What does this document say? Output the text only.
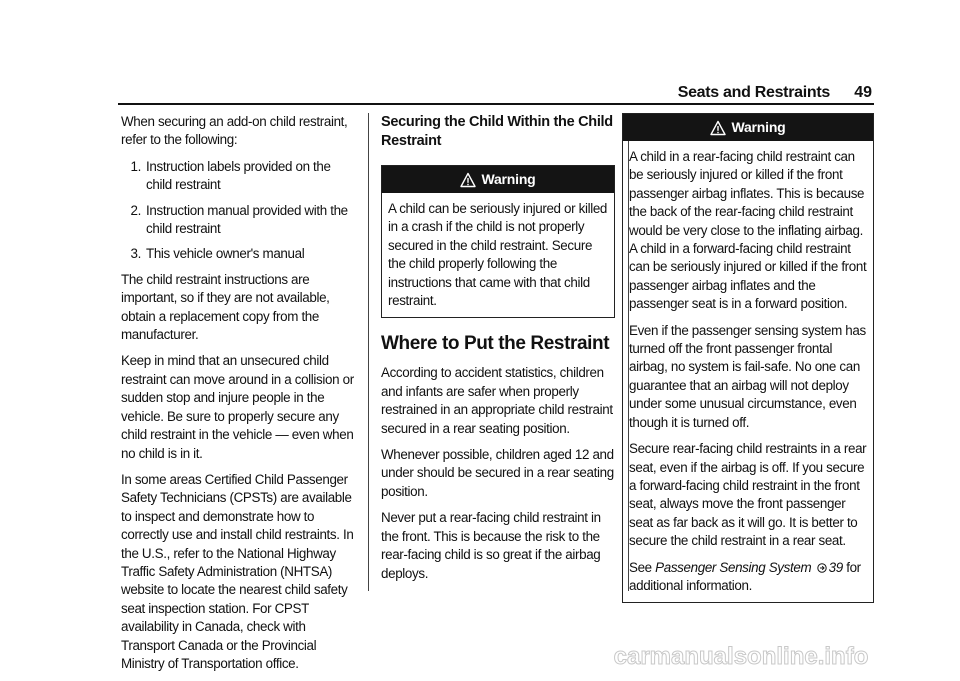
Seats and Restraints 49

When securing an add-on child restraint, refer to the following:

1. Instruction labels provided on the child restraint
2. Instruction manual provided with the child restraint
3. This vehicle owner's manual

The child restraint instructions are important, so if they are not available, obtain a replacement copy from the manufacturer.

Keep in mind that an unsecured child restraint can move around in a collision or sudden stop and injure people in the vehicle. Be sure to properly secure any child restraint in the vehicle — even when no child is in it.

In some areas Certified Child Passenger Safety Technicians (CPSTs) are available to inspect and demonstrate how to correctly use and install child restraints. In the U.S., refer to the National Highway Traffic Safety Administration (NHTSA) website to locate the nearest child safety seat inspection station. For CPST availability in Canada, check with Transport Canada or the Provincial Ministry of Transportation office.

Securing the Child Within the Child Restraint

Warning

A child can be seriously injured or killed in a crash if the child is not properly secured in the child restraint. Secure the child properly following the instructions that came with that child restraint.

Where to Put the Restraint

According to accident statistics, children and infants are safer when properly restrained in an appropriate child restraint secured in a rear seating position.

Whenever possible, children aged 12 and under should be secured in a rear seating position.

Never put a rear-facing child restraint in the front. This is because the risk to the rear-facing child is so great if the airbag deploys.

Warning

A child in a rear-facing child restraint can be seriously injured or killed if the front passenger airbag inflates. This is because the back of the rear-facing child restraint would be very close to the inflating airbag. A child in a forward-facing child restraint can be seriously injured or killed if the front passenger airbag inflates and the passenger seat is in a forward position.

Even if the passenger sensing system has turned off the front passenger frontal airbag, no system is fail-safe. No one can guarantee that an airbag will not deploy under some unusual circumstance, even though it is turned off.

Secure rear-facing child restraints in a rear seat, even if the airbag is off. If you secure a forward-facing child restraint in the front seat, always move the front passenger seat as far back as it will go. It is better to secure the child restraint in a rear seat.

See Passenger Sensing System 39 for additional information.

carmanualsonline.info
